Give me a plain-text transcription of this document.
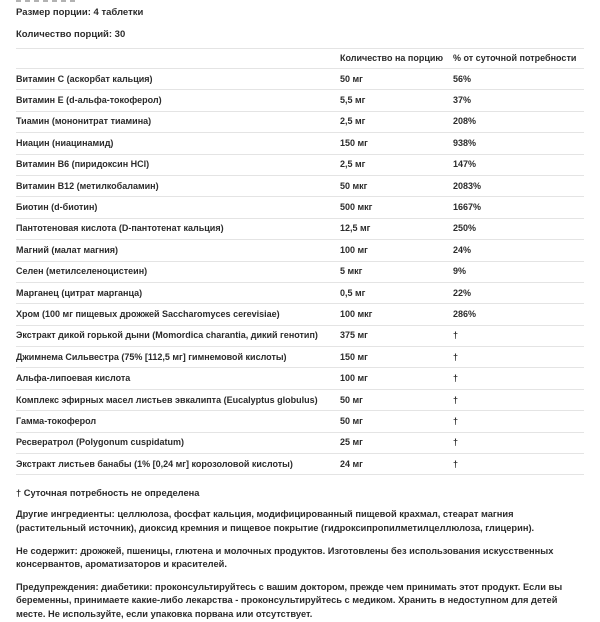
Размер порции: 4 таблетки
Количество порций: 30
	Количество на порцию	% от суточной потребности
Витамин C (аскорбат кальция)	50 мг	56%
Витамин E (d-альфа-токоферол)	5,5 мг	37%
Тиамин (мононитрат тиамина)	2,5 мг	208%
Ниацин (ниацинамид)	150 мг	938%
Витамин B6 (пиридоксин HCl)	2,5 мг	147%
Витамин B12 (метилкобаламин)	50 мкг	2083%
Биотин (d-биотин)	500 мкг	1667%
Пантотеновая кислота (D-пантотенат кальция)	12,5 мг	250%
Магний (малат магния)	100 мг	24%
Селен (метилселеноцистеин)	5 мкг	9%
Марганец (цитрат марганца)	0,5 мг	22%
Хром (100 мг пищевых дрожжей Saccharomyces cerevisiae)	100 мкг	286%
Экстракт дикой горькой дыни (Momordica charantia, дикий генотип)	375 мг	†
Джимнема Сильвестра (75% [112,5 мг] гимнемовой кислоты)	150 мг	†
Альфа-липоевая кислота	100 мг	†
Комплекс эфирных масел листьев эвкалипта (Eucalyptus globulus)	50 мг	†
Гамма-токоферол	50 мг	†
Ресвератрол (Polygonum cuspidatum)	25 мг	†
Экстракт листьев банабы (1% [0,24 мг] корозоловой кислоты)	24 мг	†
† Суточная потребность не определена

Другие ингредиенты: целлюлоза, фосфат кальция, модифицированный пищевой крахмал, стеарат магния (растительный источник), диоксид кремния и пищевое покрытие (гидроксипропилметилцеллюлоза, глицерин).

Не содержит: дрожжей, пшеницы, глютена и молочных продуктов. Изготовлены без использования искусственных консервантов, ароматизаторов и красителей.

Предупреждения: диабетики: проконсультируйтесь с вашим доктором, прежде чем принимать этот продукт. Если вы беременны, принимаете какие-либо лекарства - проконсультируйтесь с медиком. Хранить в недоступном для детей месте. Не используйте, если упаковка порвана или отсутствует.
